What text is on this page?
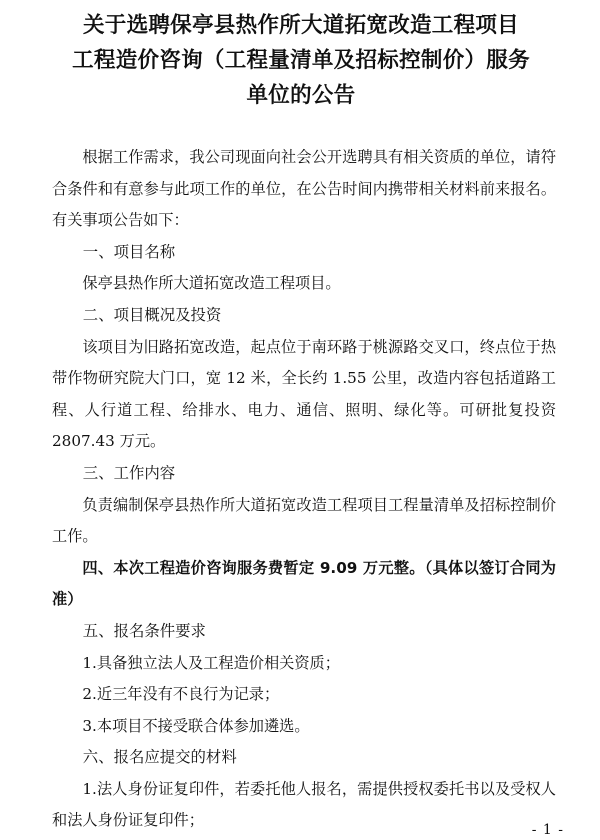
关于选聘保亭县热作所大道拓宽改造工程项目
工程造价咨询（工程量清单及招标控制价）服务
单位的公告

根据工作需求，我公司现面向社会公开选聘具有相关资质的单位，请符合条件和有意参与此项工作的单位，在公告时间内携带相关材料前来报名。有关事项公告如下：

一、项目名称

保亭县热作所大道拓宽改造工程项目。

二、项目概况及投资

该项目为旧路拓宽改造，起点位于南环路于桃源路交叉口，终点位于热带作物研究院大门口，宽 12 米，全长约 1.55 公里，改造内容包括道路工程、人行道工程、给排水、电力、通信、照明、绿化等。可研批复投资 2807.43 万元。

三、工作内容

负责编制保亭县热作所大道拓宽改造工程项目工程量清单及招标控制价工作。

四、本次工程造价咨询服务费暂定 9.09 万元整。（具体以签订合同为准）

五、报名条件要求

1.具备独立法人及工程造价相关资质；

2.近三年没有不良行为记录；

3.本项目不接受联合体参加遴选。

六、报名应提交的材料

1.法人身份证复印件，若委托他人报名，需提供授权委托书以及受权人和法人身份证复印件；

- 1 -
